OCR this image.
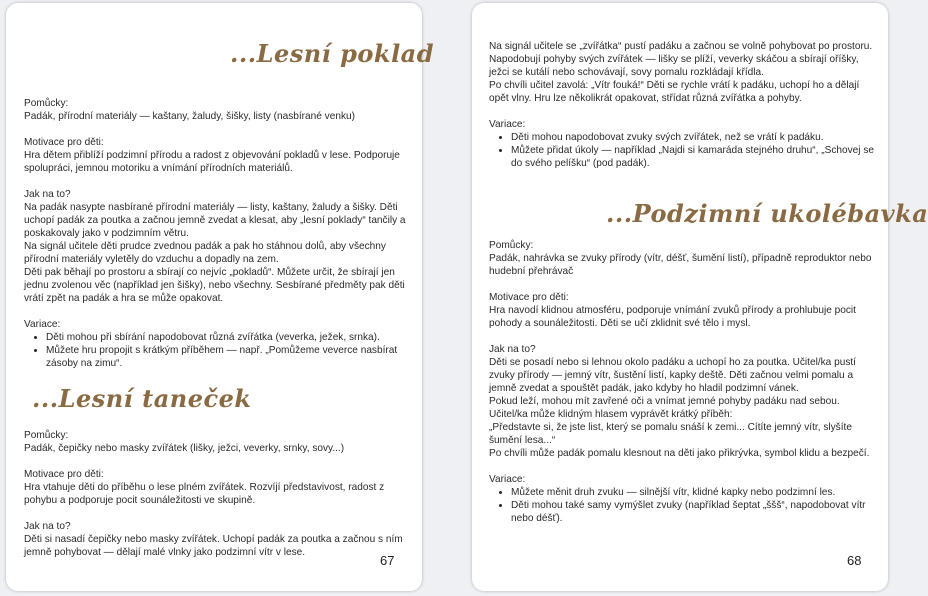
...Lesní poklad

Pomůcky:

Padák, přírodní materiály — kaštany, žaludy, šišky, listy (nasbírané venku)

Motivace pro děti:

Hra dětem přiblíží podzimní přírodu a radost z objevování pokladů v lese. Podporuje spolupráci, jemnou motoriku a vnímání přírodních materiálů.

Jak na to?

Na padák nasypte nasbírané přírodní materiály — listy, kaštany, žaludy a šišky. Děti uchopí padák za poutka a začnou jemně zvedat a klesat, aby „lesní poklady“ tančily a poskakovaly jako v podzimním větru.

Na signál učitele děti prudce zvednou padák a pak ho stáhnou dolů, aby všechny přírodní materiály vyletěly do vzduchu a dopadly na zem.

Děti pak běhají po prostoru a sbírají co nejvíc „pokladů“. Můžete určit, že sbírají jen jednu zvolenou věc (například jen šišky), nebo všechny. Sesbírané předměty pak děti vrátí zpět na padák a hra se může opakovat.

Variace:

• Děti mohou při sbírání napodobovat různá zvířátka (veverka, ježek, srnka).
• Můžete hru propojit s krátkým příběhem — např. „Pomůžeme veverce nasbírat zásoby na zimu“.
...Lesní taneček

Pomůcky:

Padák, čepičky nebo masky zvířátek (lišky, ježci, veverky, srnky, sovy...)

Motivace pro děti:

Hra vtahuje děti do příběhu o lese plném zvířátek. Rozvíjí představivost, radost z pohybu a podporuje pocit sounáležitosti ve skupině.

Jak na to?

Děti si nasadí čepičky nebo masky zvířátek. Uchopí padák za poutka a začnou s ním jemně pohybovat — dělají malé vlnky jako podzimní vítr v lese.

67

Na signál učitele se „zvířátka“ pustí padáku a začnou se volně pohybovat po prostoru. Napodobují pohyby svých zvířátek — lišky se plíží, veverky skáčou a sbírají oříšky, ježci se kutálí nebo schovávají, sovy pomalu rozkládají křídla.

Po chvíli učitel zavolá: „Vítr fouká!“ Děti se rychle vrátí k padáku, uchopí ho a dělají opět vlny. Hru lze několikrát opakovat, střídat různá zvířátka a pohyby.

Variace:

• Děti mohou napodobovat zvuky svých zvířátek, než se vrátí k padáku.
• Můžete přidat úkoly — například „Najdi si kamaráda stejného druhu“, „Schovej se do svého pelíšku“ (pod padák).
...Podzimní ukolébavka

Pomůcky:

Padák, nahrávka se zvuky přírody (vítr, déšť, šumění listí), případně reproduktor nebo hudební přehrávač

Motivace pro děti:

Hra navodí klidnou atmosféru, podporuje vnímání zvuků přírody a prohlubuje pocit pohody a sounáležitosti. Děti se učí zklidnit své tělo i mysl.

Jak na to?

Děti se posadí nebo si lehnou okolo padáku a uchopí ho za poutka. Učitel/ka pustí zvuky přírody — jemný vítr, šustění listí, kapky deště. Děti začnou velmi pomalu a jemně zvedat a spouštět padák, jako kdyby ho hladil podzimní vánek.

Pokud leží, mohou mít zavřené oči a vnímat jemné pohyby padáku nad sebou.

Učitel/ka může klidným hlasem vyprávět krátký příběh:

„Představte si, že jste list, který se pomalu snáší k zemi... Cítíte jemný vítr, slyšíte šumění lesa...“

Po chvíli může padák pomalu klesnout na děti jako přikrývka, symbol klidu a bezpečí.

Variace:

• Můžete měnit druh zvuku — silnější vítr, klidné kapky nebo podzimní les.
• Děti mohou také samy vymýšlet zvuky (například šeptat „ššš“, napodobovat vítr nebo déšť).
68
